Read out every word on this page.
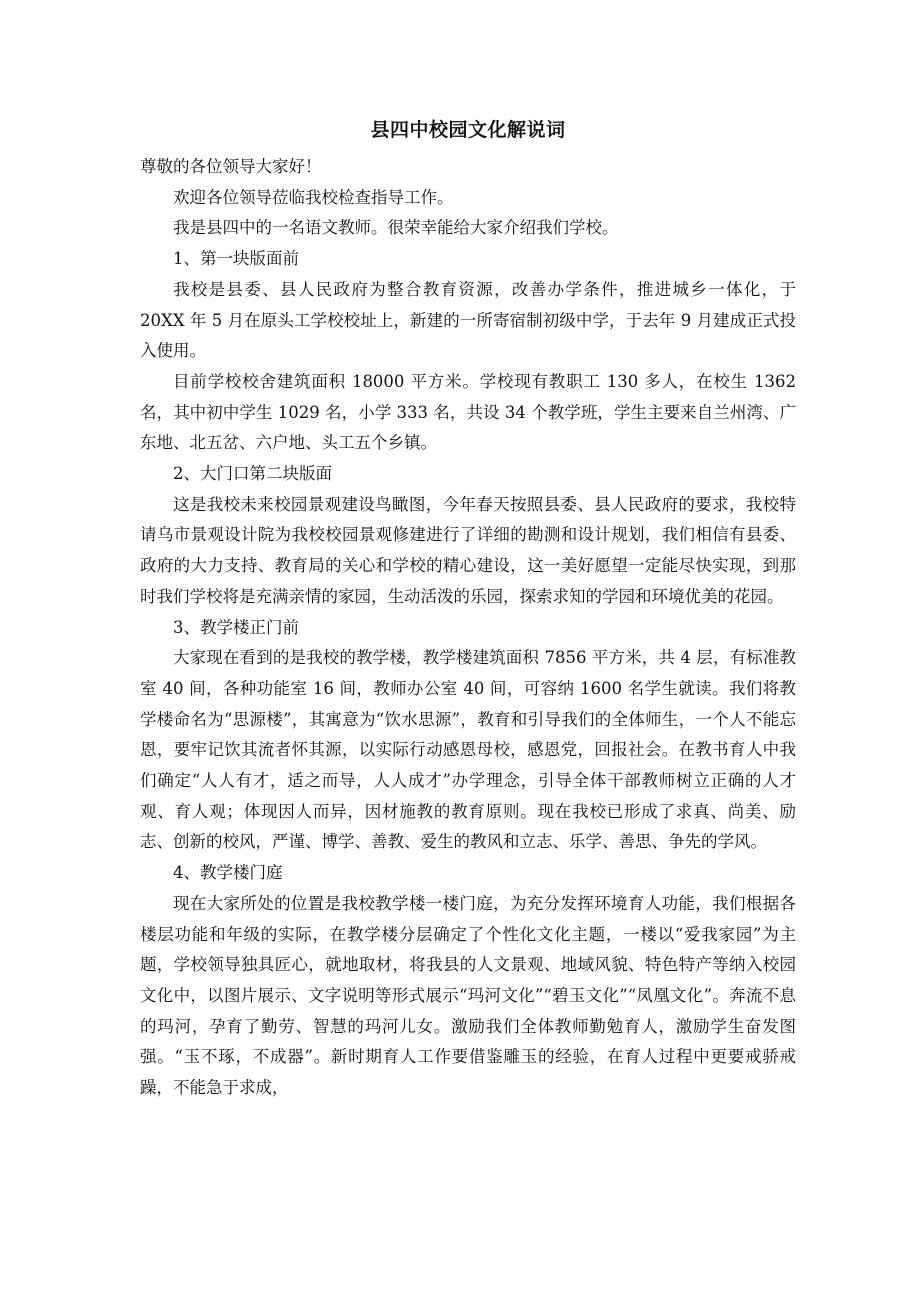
县四中校园文化解说词

尊敬的各位领导大家好！

欢迎各位领导莅临我校检查指导工作。

我是县四中的一名语文教师。很荣幸能给大家介绍我们学校。

1、第一块版面前

我校是县委、县人民政府为整合教育资源，改善办学条件，推进城乡一体化，于 20XX 年 5 月在原头工学校校址上，新建的一所寄宿制初级中学，于去年 9 月建成正式投入使用。

目前学校校舍建筑面积 18000 平方米。学校现有教职工 130 多人，在校生 1362 名，其中初中学生 1029 名，小学 333 名，共设 34 个教学班，学生主要来自兰州湾、广东地、北五岔、六户地、头工五个乡镇。

2、大门口第二块版面

这是我校未来校园景观建设鸟瞰图，今年春天按照县委、县人民政府的要求，我校特请乌市景观设计院为我校校园景观修建进行了详细的勘测和设计规划，我们相信有县委、政府的大力支持、教育局的关心和学校的精心建设，这一美好愿望一定能尽快实现，到那时我们学校将是充满亲情的家园，生动活泼的乐园，探索求知的学园和环境优美的花园。

3、教学楼正门前

大家现在看到的是我校的教学楼，教学楼建筑面积 7856 平方米，共 4 层，有标准教室 40 间，各种功能室 16 间，教师办公室 40 间，可容纳 1600 名学生就读。我们将教学楼命名为“思源楼”，其寓意为“饮水思源”，教育和引导我们的全体师生，一个人不能忘恩，要牢记饮其流者怀其源，以实际行动感恩母校，感恩党，回报社会。在教书育人中我们确定“人人有才，适之而导，人人成才”办学理念，引导全体干部教师树立正确的人才观、育人观；体现因人而异，因材施教的教育原则。现在我校已形成了求真、尚美、励志、创新的校风，严谨、博学、善教、爱生的教风和立志、乐学、善思、争先的学风。

4、教学楼门庭

现在大家所处的位置是我校教学楼一楼门庭，为充分发挥环境育人功能，我们根据各楼层功能和年级的实际，在教学楼分层确定了个性化文化主题，一楼以“爱我家园”为主题，学校领导独具匠心，就地取材，将我县的人文景观、地域风貌、特色特产等纳入校园文化中，以图片展示、文字说明等形式展示“玛河文化”“碧玉文化”“凤凰文化”。奔流不息的玛河，孕育了勤劳、智慧的玛河儿女。激励我们全体教师勤勉育人，激励学生奋发图强。“玉不琢，不成器”。新时期育人工作要借鉴雕玉的经验，在育人过程中更要戒骄戒躁，不能急于求成，
